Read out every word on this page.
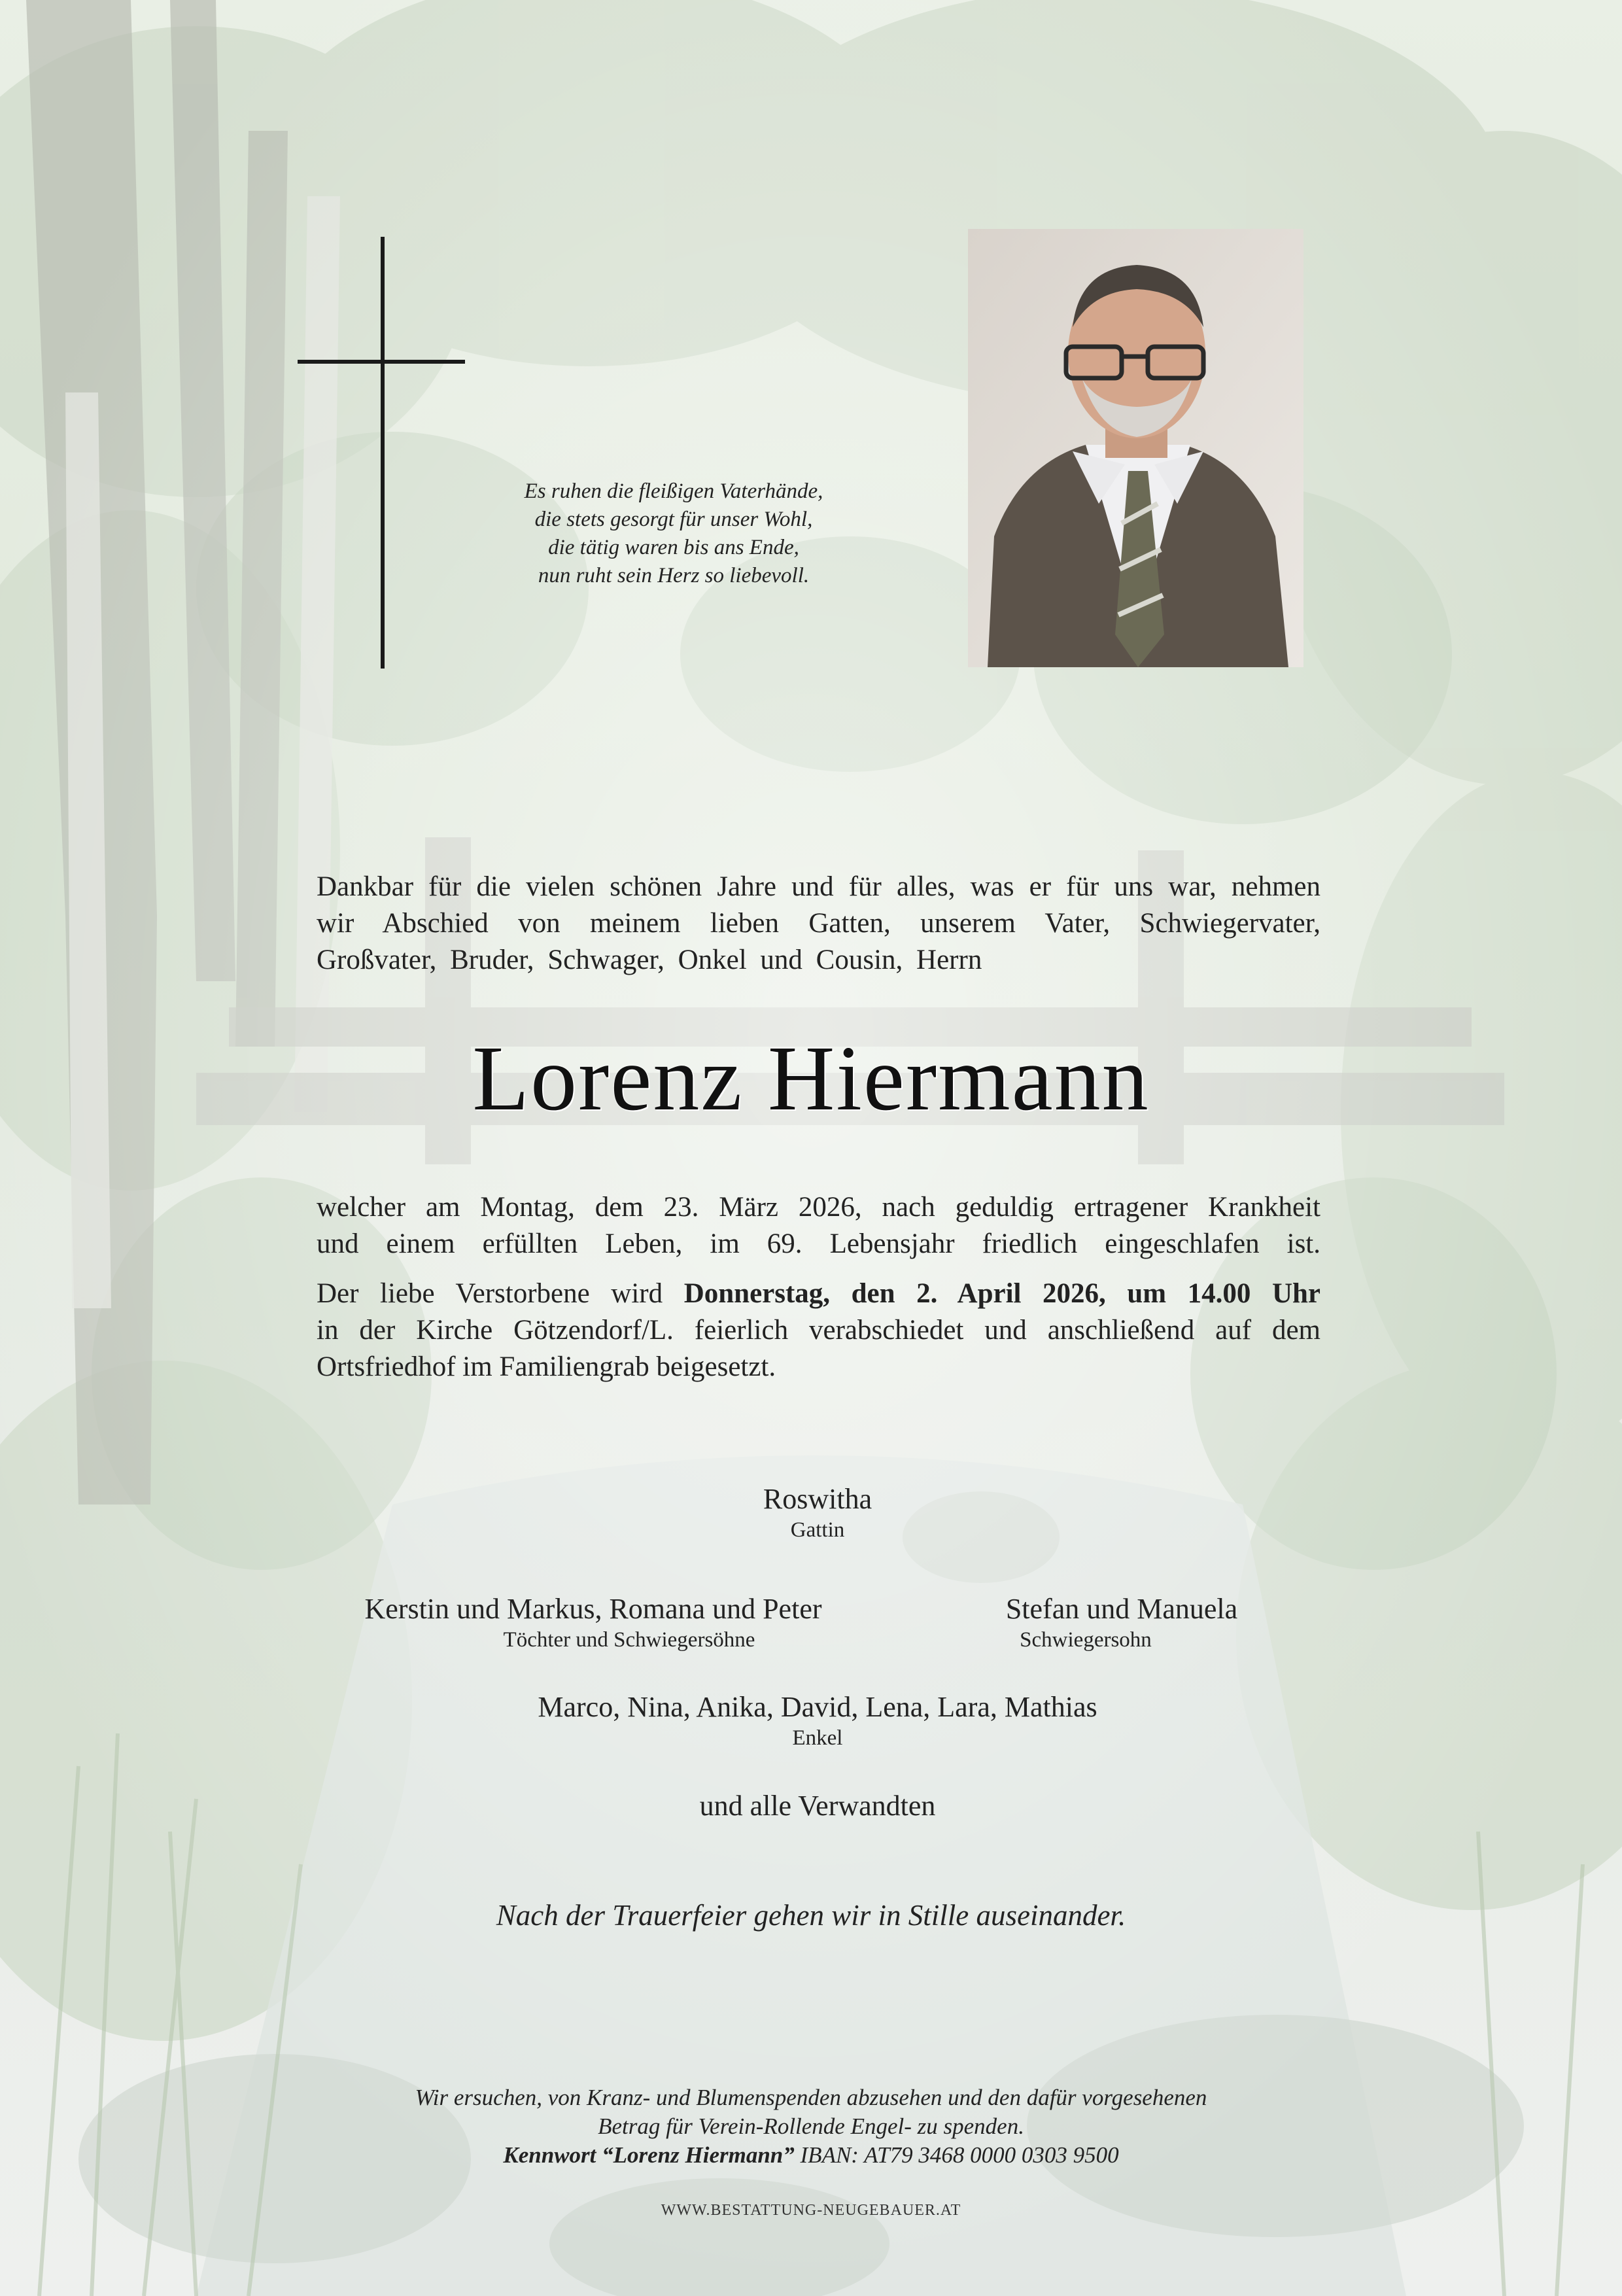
Es ruhen die fleißigen Vaterhände,
die stets gesorgt für unser Wohl,
die tätig waren bis ans Ende,
nun ruht sein Herz so liebevoll.

Dankbar für die vielen schönen Jahre und für alles, was er für uns war, nehmen

wir Abschied von meinem lieben Gatten, unserem Vater, Schwiegervater,

Großvater, Bruder, Schwager, Onkel und Cousin, Herrn

Lorenz Hiermann

welcher am Montag, dem 23. März 2026, nach geduldig ertragener Krankheit

und einem erfüllten Leben, im 69. Lebensjahr friedlich eingeschlafen ist.

Der liebe Verstorbene wird Donnerstag, den 2. April 2026, um 14.00 Uhr

in der Kirche Götzendorf/L. feierlich verabschiedet und anschließend auf dem

Ortsfriedhof im Familiengrab beigesetzt.

Roswitha
Gattin
Kerstin und Markus, Romana und Peter
Töchter und Schwiegersöhne
Stefan und Manuela
Schwiegersohn
Marco, Nina, Anika, David, Lena, Lara, Mathias
Enkel
und alle Verwandten
Nach der Trauerfeier gehen wir in Stille auseinander.
Wir ersuchen, von Kranz- und Blumenspenden abzusehen und den dafür vorgesehenen
Betrag für Verein-Rollende Engel- zu spenden.
Kennwort “Lorenz Hiermann” IBAN: AT79 3468 0000 0303 9500
WWW.BESTATTUNG-NEUGEBAUER.AT
